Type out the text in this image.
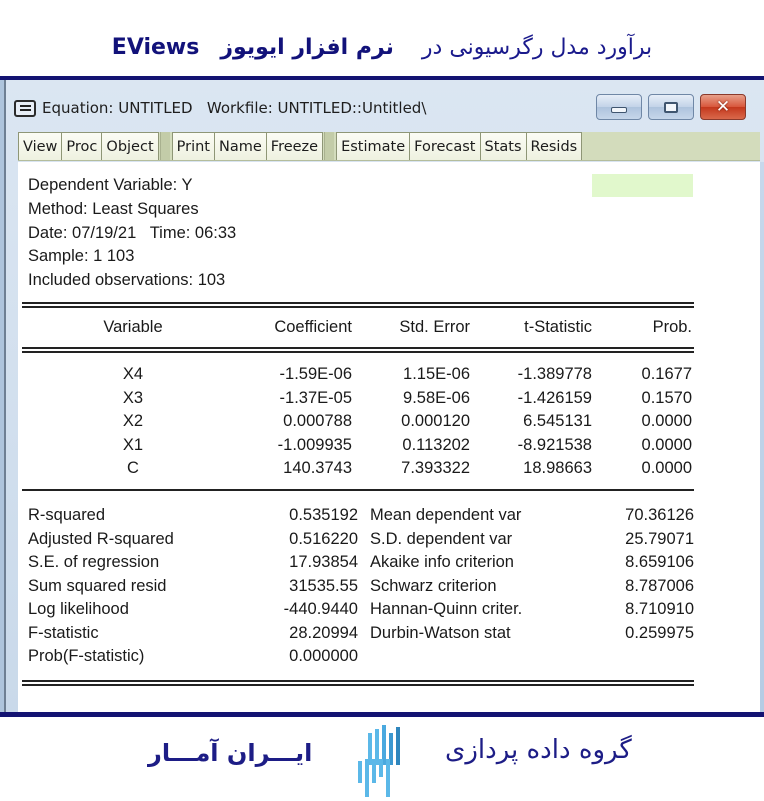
برآورد مدل رگرسیونی در    نرم افزار ایویوز   EViews
Equation: UNTITLED   Workfile: UNTITLED::Untitled\	✕
View Proc Object	Print Name Freeze	Estimate Forecast Stats Resids
Dependent Variable: Y
Method: Least Squares
Date: 07/19/21   Time: 06:33
Sample: 1 103
Included observations: 103
Variable	Coefficient	Std. Error	t-Statistic	Prob.
X4	-1.59E-06	1.15E-06	-1.389778	0.1677
X3	-1.37E-05	9.58E-06	-1.426159	0.1570
X2	0.000788	0.000120	6.545131	0.0000
X1	-1.009935	0.113202	-8.921538	0.0000
C	140.3743	7.393322	18.98663	0.0000
R-squared	0.535192 Mean dependent var	70.36126
Adjusted R-squared	0.516220 S.D. dependent var	25.79071
S.E. of regression	17.93854 Akaike info criterion	8.659106
Sum squared resid	31535.55 Schwarz criterion	8.787006
Log likelihood	-440.9440 Hannan-Quinn criter.	8.710910
F-statistic	28.20994 Durbin-Watson stat	0.259975
Prob(F-statistic)	0.000000
ایـــران آمـــار	گروه داده پردازی
